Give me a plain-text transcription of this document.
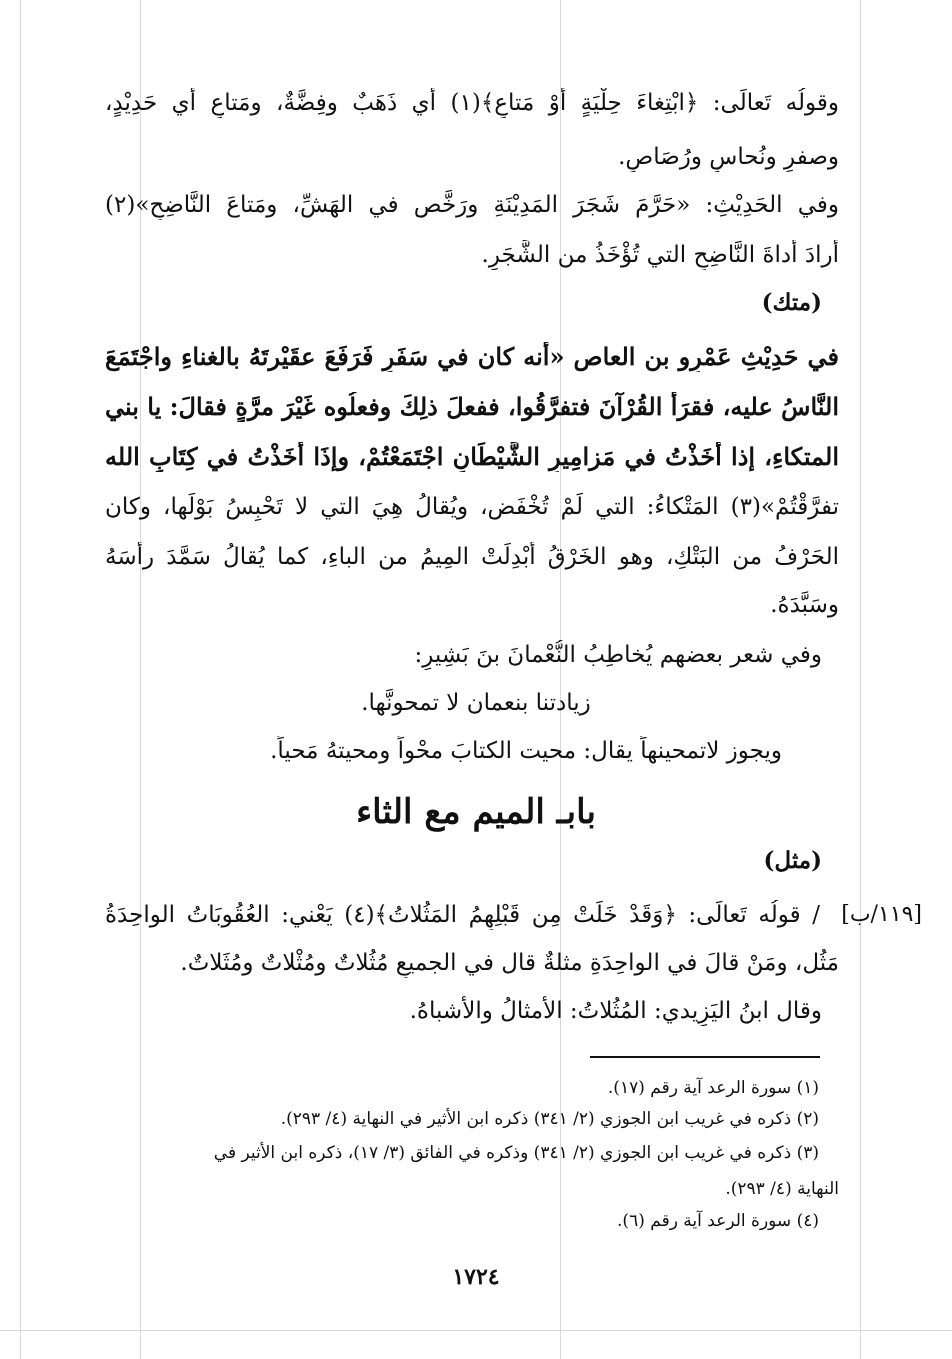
وقولُه تَعالَى: ﴿ابْتِغاءَ حِلْيَةٍ أَوْ مَتاعٍ﴾(١) أي ذَهَبٌ وفِضَّةٌ، ومَتاعٍ أي حَدِيْدٍ،
وصفرٍ ونُحاسٍ ورُصَاصٍ.
وفي الحَدِيْثِ: «حَرَّمَ شَجَرَ المَدِيْنَةِ ورَخَّص في الهَشِّ، ومَتاعَ النَّاضِحِ»(٢)
أرادَ أداةَ النَّاضِحِ التي تُؤْخَذُ من الشَّجَرِ.
(متك)
في حَدِيْثِ عَمْرِو بن العاص «أنه كان في سَفَرٍ فَرَفَعَ عقَيْرتَهُ بالغناءِ واجْتَمَعَ
النَّاسُ عليه، فقرَأَ القُرْآنَ فتفرَّقُوا، ففعلَ ذلِكَ وفعلُوه غَيْرَ مرَّةٍ فقالَ: يا بني
المتكاءِ، إذا أخَذْتُ في مَزامِيرِ الشَّيْطَانِ اجْتَمَعْتُمْ، وإذَا أخَذْتُ في كِتَابِ الله
تفرَّقْتُمْ»(٣) المَتْكاءُ: التي لَمْ تُخْفَض، ويُقالُ هِيَ التي لا تَحْبِسُ بَوْلَها، وكان
الحَرْفُ من البَتْكِ، وهو الخَرْقُ أُبْدِلَتْ المِيمُ من الباءِ، كما يُقالُ سَمَّدَ رأسَهُ
وسَبَّدَهُ.
وفي شعر بعضهم يُخاطِبُ النُّعْمانَ بنَ بَشِيرٍ:
زيادتنا بنعمان لا تمحونَّها.
ويجوز لاتمحينهاً يقال: محيت الكتابَ محْواً ومحيتهُ مَحياً.
بابـ الميم مع الثاء
(مثل)
[١١٩/ب]
/ قولُه تَعالَى: ﴿وَقَدْ خَلَتْ مِن قَبْلِهِمُ المَثُلاتُ﴾(٤) يَعْني: العُقُوبَاتُ الواحِدَةُ
مَثُل، ومَنْ قالَ في الواحِدَةِ مثلةٌ قال في الجميعِ مُثُلاتٌ ومُثْلاتٌ ومُثَلاتٌ.
وقال ابنُ اليَزِيدي: المُثُلاتُ: الأمثالُ والأشباهُ.
(١) سورة الرعد آية رقم (١٧).
(٢) ذكره في غريب ابن الجوزي (٢/ ٣٤١) ذكره ابن الأثير في النهاية (٤/ ٢٩٣).
(٣) ذكره في غريب ابن الجوزي (٢/ ٣٤١) وذكره في الفائق (٣/ ١٧)، ذكره ابن الأثير في
النهاية (٤/ ٢٩٣).
(٤) سورة الرعد آية رقم (٦).
١٧٢٤
